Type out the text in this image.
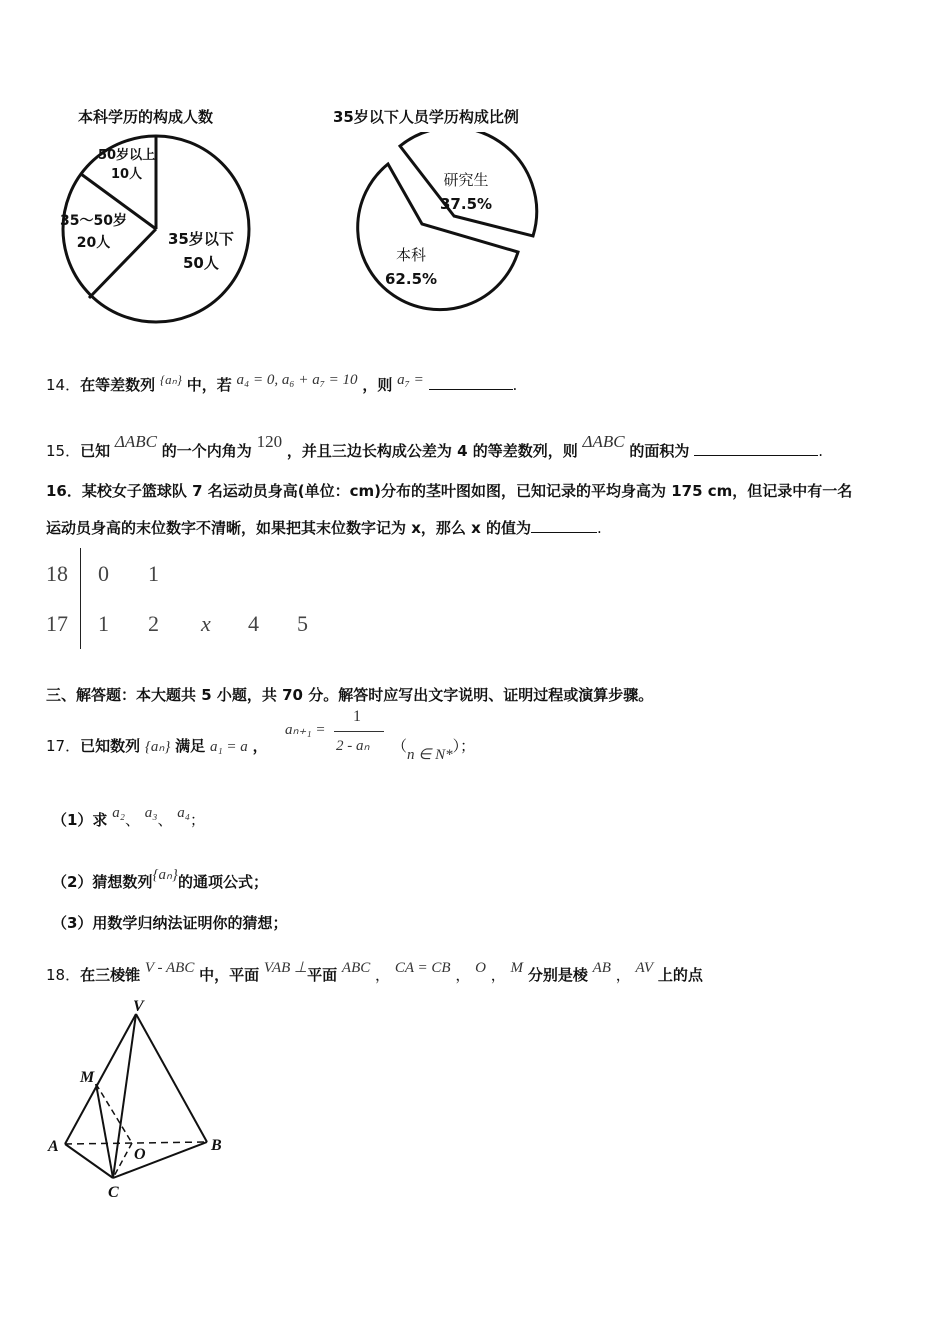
本科学历的构成人数
50岁以上
10人
35～50岁
20人	35岁以下
50人
35岁以下人员学历构成比例
研究生
37.5%
本科
62.5%
14．在等差数列 {aₙ} 中，若 a₄ = 0, a₆ + a₇ = 10 ，则 a₇ =	.
15．已知 ΔABC 的一个内角为 120 ，并且三边长构成公差为 4 的等差数列，则 ΔABC 的面积为	.
16．某校女子篮球队 7 名运动员身高(单位：cm)分布的茎叶图如图，已知记录的平均身高为 175 cm，但记录中有一名
运动员身高的末位数字不清晰，如果把其末位数字记为 x，那么 x 的值为	.
18 0 1
17 1 2 x 4 5
三、解答题：本大题共 5 小题，共 70 分。解答时应写出文字说明、证明过程或演算步骤。
17．已知数列 {aₙ} 满足 a₁ = a ，
aₙ₊₁ =
1
2 - aₙ （n ∈ N*）；
（1）求 a₂、 a₃、 a₄；
（2）猜想数列{aₙ}的通项公式；
（3）用数学归纳法证明你的猜想；
18．在三棱锥 V - ABC 中，平面 VAB ⊥平面 ABC ， CA = CB ， O ， M 分别是棱 AB ， AV 上的点
V
M
A	O
B
C
